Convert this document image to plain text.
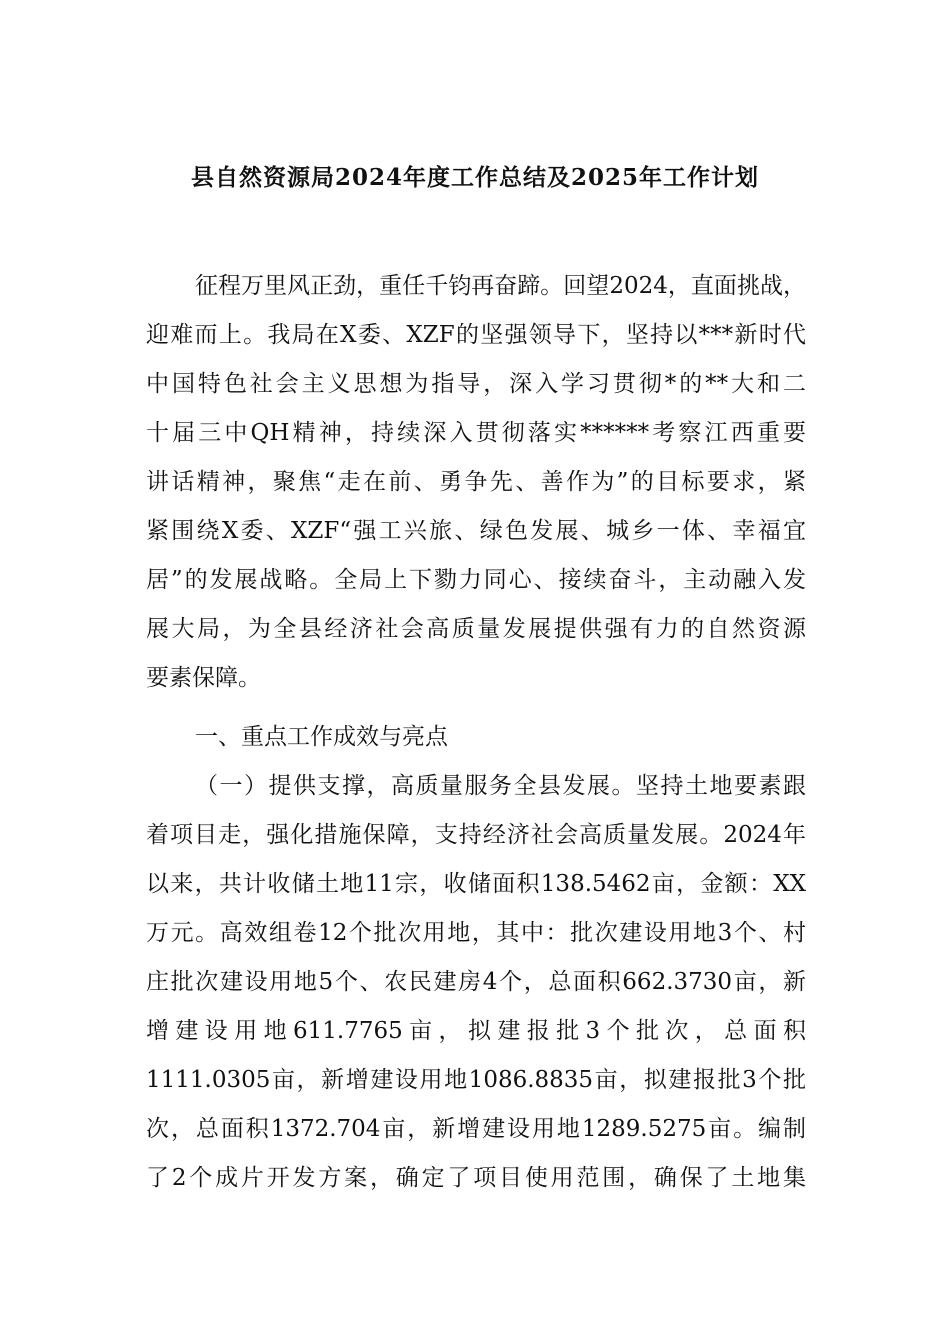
县自然资源局2024年度工作总结及2025年工作计划

征程万里风正劲，重任千钧再奋蹄。回望2024，直面挑战，

迎难而上。我局在X委、XZF的坚强领导下，坚持以***新时代

中国特色社会主义思想为指导，深入学习贯彻*的**大和二

十届三中QH精神，持续深入贯彻落实******考察江西重要

讲话精神，聚焦“走在前、勇争先、善作为”的目标要求，紧

紧围绕X委、XZF“强工兴旅、绿色发展、城乡一体、幸福宜

居”的发展战略。全局上下勠力同心、接续奋斗，主动融入发

展大局，为全县经济社会高质量发展提供强有力的自然资源

要素保障。

一、重点工作成效与亮点

（一）提供支撑，高质量服务全县发展。坚持土地要素跟

着项目走，强化措施保障，支持经济社会高质量发展。2024年

以来，共计收储土地11宗，收储面积138.5462亩，金额：XX

万元。高效组卷12个批次用地，其中：批次建设用地3个、村

庄批次建设用地5个、农民建房4个，总面积662.3730亩，新

增建设用地611.7765亩，拟建报批3个批次，总面积

1111.0305亩，新增建设用地1086.8835亩，拟建报批3个批

次，总面积1372.704亩，新增建设用地1289.5275亩。编制

了2个成片开发方案，确定了项目使用范围，确保了土地集
